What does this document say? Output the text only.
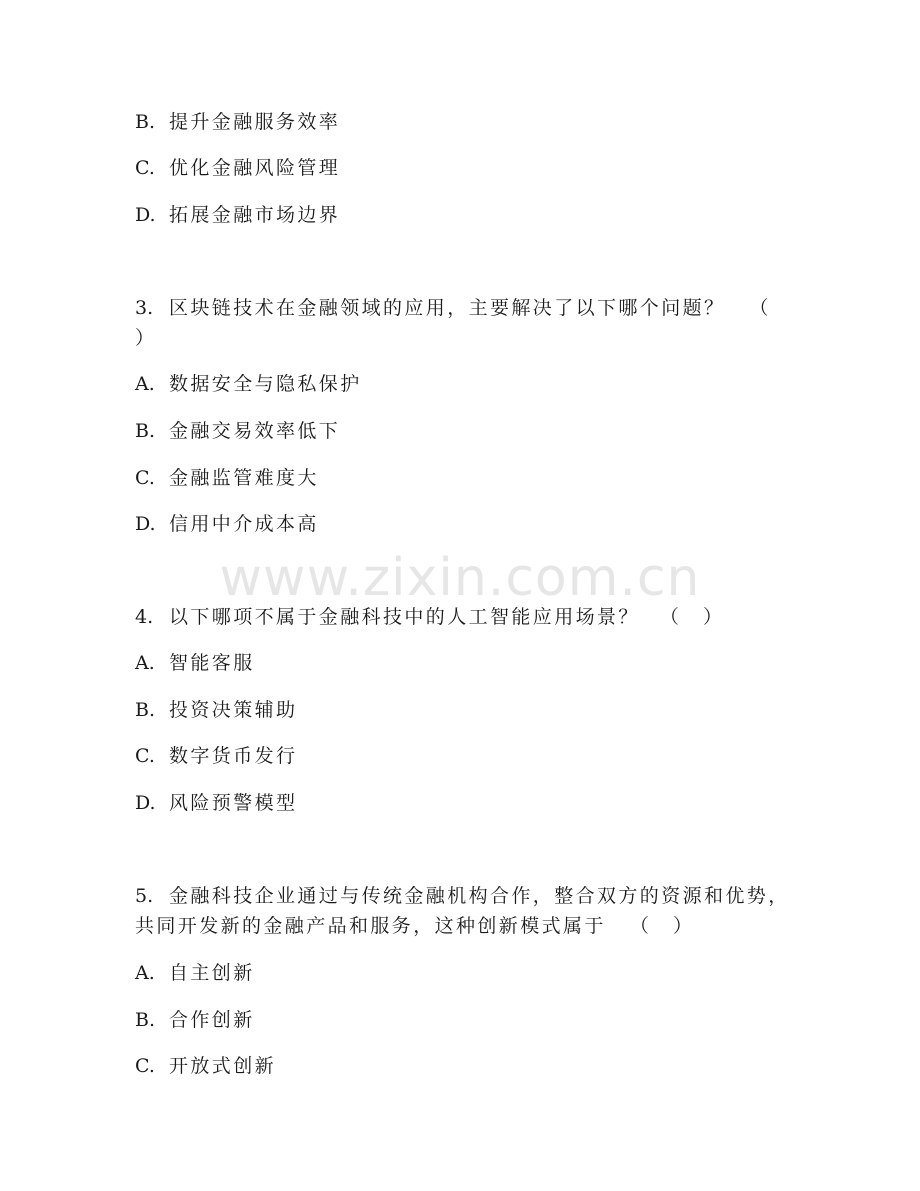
B. 提升金融服务效率
C. 优化金融风险管理
D. 拓展金融市场边界
3. 区块链技术在金融领域的应用，主要解决了以下哪个问题？ （
）
A. 数据安全与隐私保护
B. 金融交易效率低下
C. 金融监管难度大
D. 信用中介成本高
4. 以下哪项不属于金融科技中的人工智能应用场景？ （    ）
A. 智能客服
B. 投资决策辅助
C. 数字货币发行
D. 风险预警模型
5. 金融科技企业通过与传统金融机构合作，整合双方的资源和优势，
共同开发新的金融产品和服务，这种创新模式属于 （    ）
A. 自主创新
B. 合作创新
C. 开放式创新
www.zixin.com.cn
